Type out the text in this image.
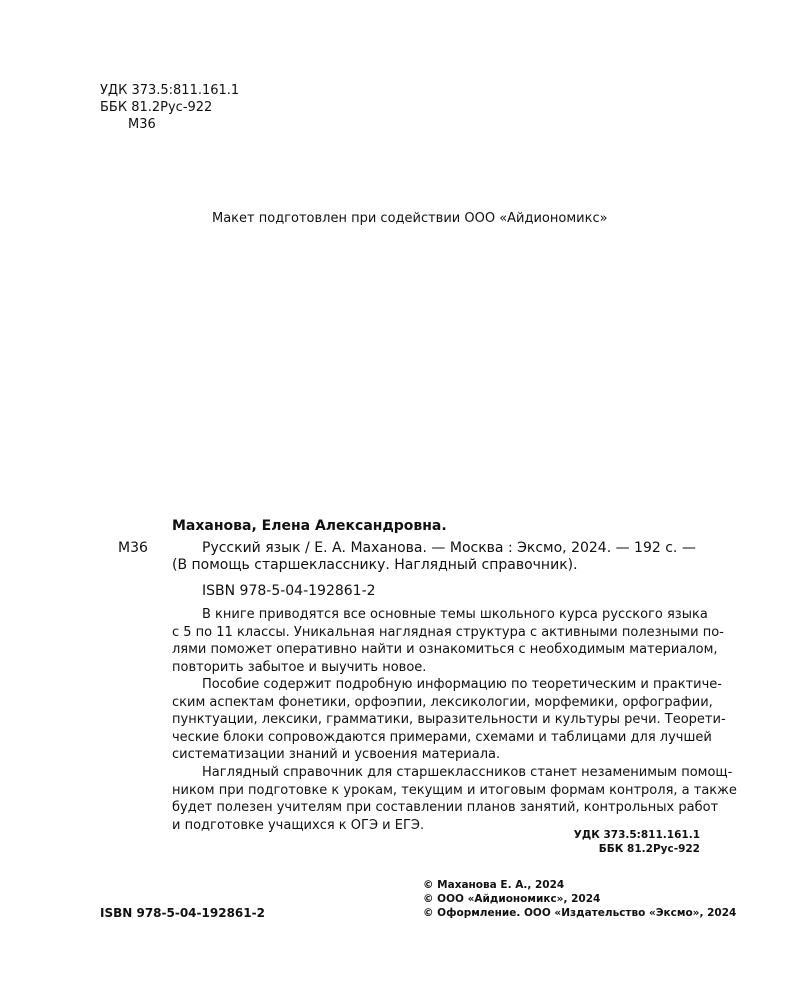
УДК 373.5:811.161.1
ББК 81.2Рус-922
М36
Макет подготовлен при содействии ООО «Айдиономикс»
Маханова, Елена Александровна.
М36	Русский язык / Е. А. Маханова. — Москва : Эксмо, 2024. — 192 с. —
(В помощь старшекласснику. Наглядный справочник).
ISBN 978-5-04-192861-2
В книге приводятся все основные темы школьного курса русского языка
с 5 по 11 классы. Уникальная наглядная структура с активными полезными по-
лями поможет оперативно найти и ознакомиться с необходимым материалом,
повторить забытое и выучить новое.
Пособие содержит подробную информацию по теоретическим и практиче-
ским аспектам фонетики, орфоэпии, лексикологии, морфемики, орфографии,
пунктуации, лексики, грамматики, выразительности и культуры речи. Теорети-
ческие блоки сопровождаются примерами, схемами и таблицами для лучшей
систематизации знаний и усвоения материала.
Наглядный справочник для старшеклассников станет незаменимым помощ-
ником при подготовке к урокам, текущим и итоговым формам контроля, а также
будет полезен учителям при составлении планов занятий, контрольных работ
и подготовке учащихся к ОГЭ и ЕГЭ.
УДК 373.5:811.161.1
ББК 81.2Рус-922
© Маханова Е. А., 2024
© ООО «Айдиономикс», 2024
© Оформление. ООО «Издательство «Эксмо», 2024
ISBN 978-5-04-192861-2
